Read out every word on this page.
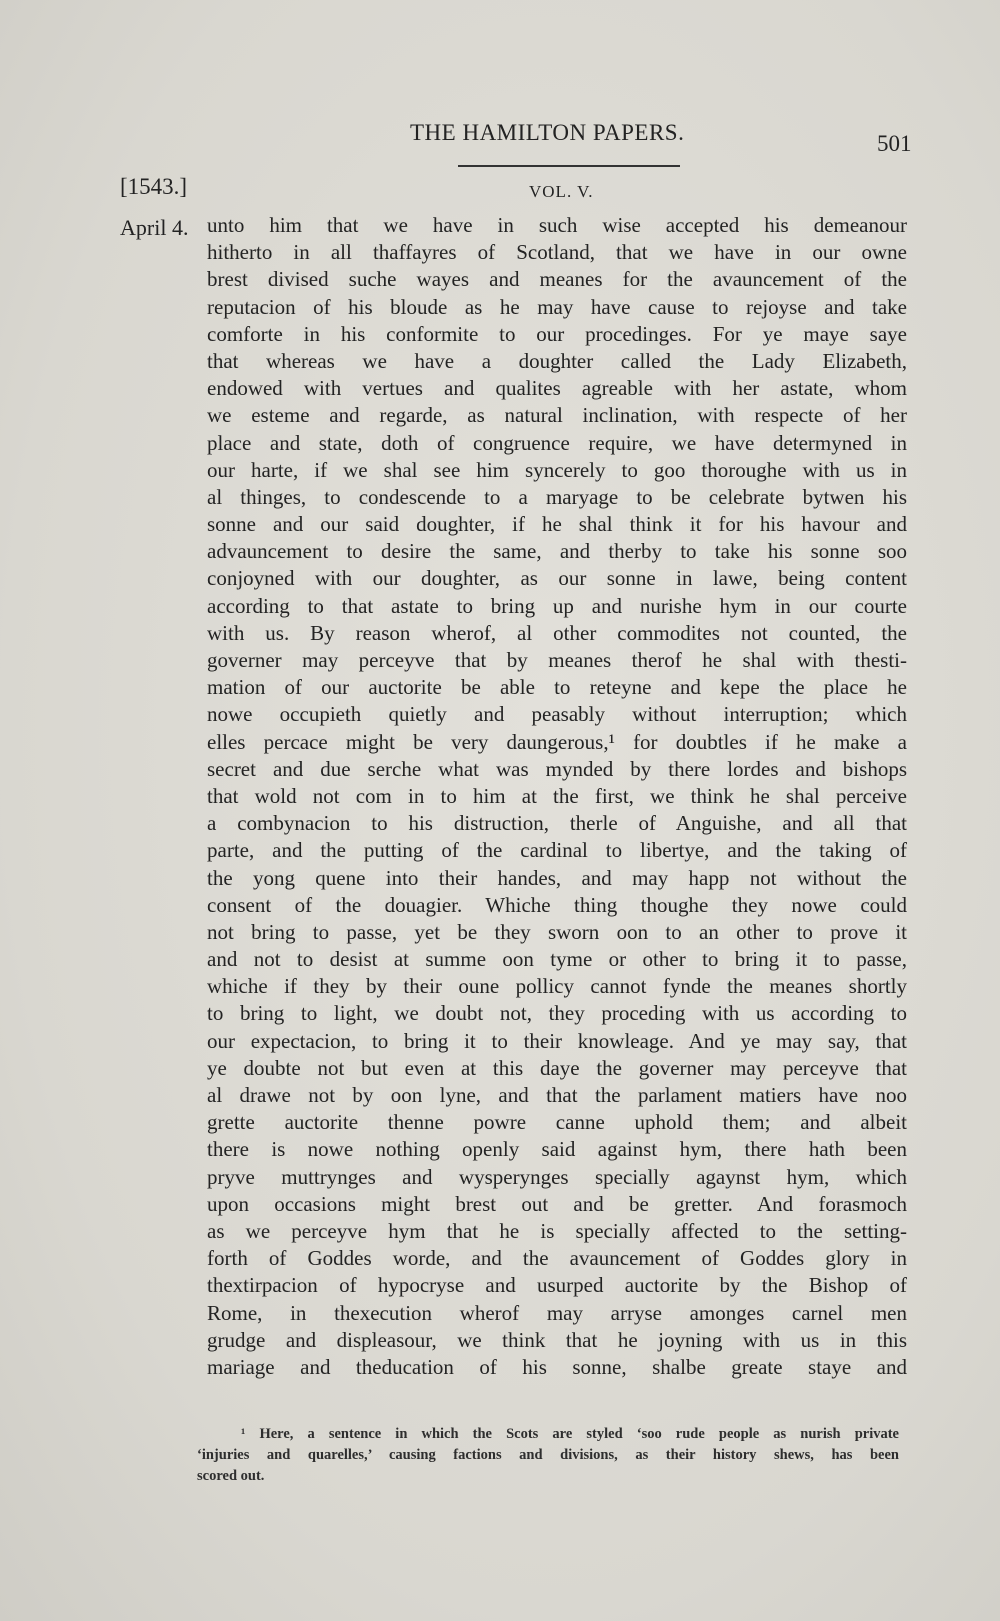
THE HAMILTON PAPERS.	501
[1543.]	VOL. V.
April 4. unto him that we have in such wise accepted his demeanour
hitherto in all thaffayres of Scotland, that we have in our owne
brest divised suche wayes and meanes for the avauncement of the
reputacion of his bloude as he may have cause to rejoyse and take
comforte in his conformite to our procedinges. For ye maye saye
that whereas we have a doughter called the Lady Elizabeth,
endowed with vertues and qualites agreable with her astate, whom
we esteme and regarde, as natural inclination, with respecte of her
place and state, doth of congruence require, we have determyned in
our harte, if we shal see him syncerely to goo thoroughe with us in
al thinges, to condescende to a maryage to be celebrate bytwen his
sonne and our said doughter, if he shal think it for his havour and
advauncement to desire the same, and therby to take his sonne soo
conjoyned with our doughter, as our sonne in lawe, being content
according to that astate to bring up and nurishe hym in our courte
with us. By reason wherof, al other commodites not counted, the
governer may perceyve that by meanes therof he shal with thesti-
mation of our auctorite be able to reteyne and kepe the place he
nowe occupieth quietly and peasably without interruption; which
elles percace might be very daungerous,¹ for doubtles if he make a
secret and due serche what was mynded by there lordes and bishops
that wold not com in to him at the first, we think he shal perceive
a combynacion to his distruction, therle of Anguishe, and all that
parte, and the putting of the cardinal to libertye, and the taking of
the yong quene into their handes, and may happ not without the
consent of the douagier. Whiche thing thoughe they nowe could
not bring to passe, yet be they sworn oon to an other to prove it
and not to desist at summe oon tyme or other to bring it to passe,
whiche if they by their oune pollicy cannot fynde the meanes shortly
to bring to light, we doubt not, they proceding with us according to
our expectacion, to bring it to their knowleage. And ye may say, that
ye doubte not but even at this daye the governer may perceyve that
al drawe not by oon lyne, and that the parlament matiers have noo
grette auctorite thenne powre canne uphold them; and albeit
there is nowe nothing openly said against hym, there hath been
pryve muttrynges and wysperynges specially agaynst hym, which
upon occasions might brest out and be gretter. And forasmoch
as we perceyve hym that he is specially affected to the setting-
forth of Goddes worde, and the avauncement of Goddes glory in
thextirpacion of hypocryse and usurped auctorite by the Bishop of
Rome, in thexecution wherof may arryse amonges carnel men
grudge and displeasour, we think that he joyning with us in this
mariage and theducation of his sonne, shalbe greate staye and
¹ Here, a sentence in which the Scots are styled ‘soo rude people as nurish private
‘injuries and quarelles,’ causing factions and divisions, as their history shews, has been
scored out.
